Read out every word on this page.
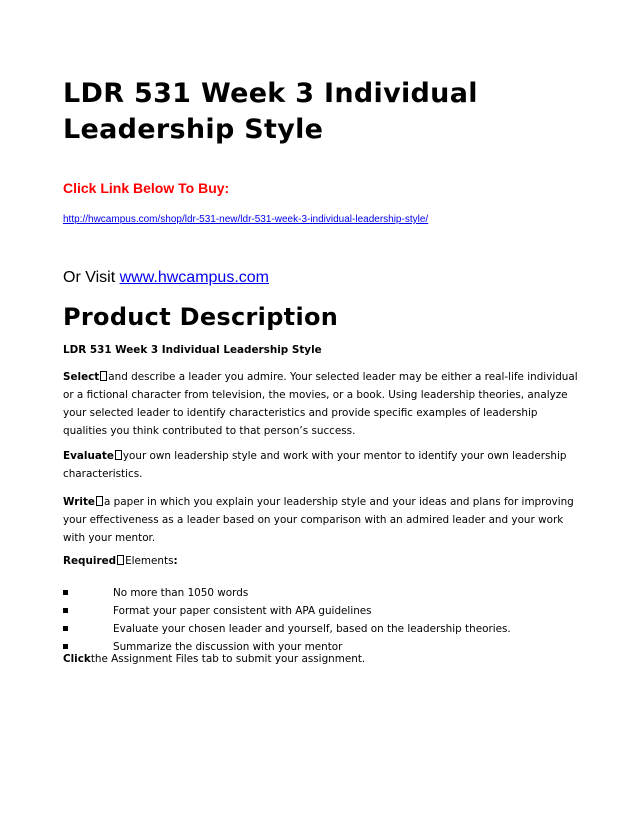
LDR 531 Week 3 Individual Leadership Style

Click Link Below To Buy:

http://hwcampus.com/shop/ldr-531-new/ldr-531-week-3-individual-leadership-style/
Or Visit www.hwcampus.com
Product Description

LDR 531 Week 3 Individual Leadership Style

Select and describe a leader you admire. Your selected leader may be either a real-life individual or a fictional character from television, the movies, or a book. Using leadership theories, analyze your selected leader to identify characteristics and provide specific examples of leadership qualities you think contributed to that person’s success.

Evaluate your own leadership style and work with your mentor to identify your own leadership characteristics.

Write a paper in which you explain your leadership style and your ideas and plans for improving your effectiveness as a leader based on your comparison with an admired leader and your work with your mentor.

Required Elements:

No more than 1050 words
Format your paper consistent with APA guidelines
Evaluate your chosen leader and yourself, based on the leadership theories.
Summarize the discussion with your mentor

Clickthe Assignment Files tab to submit your assignment.
